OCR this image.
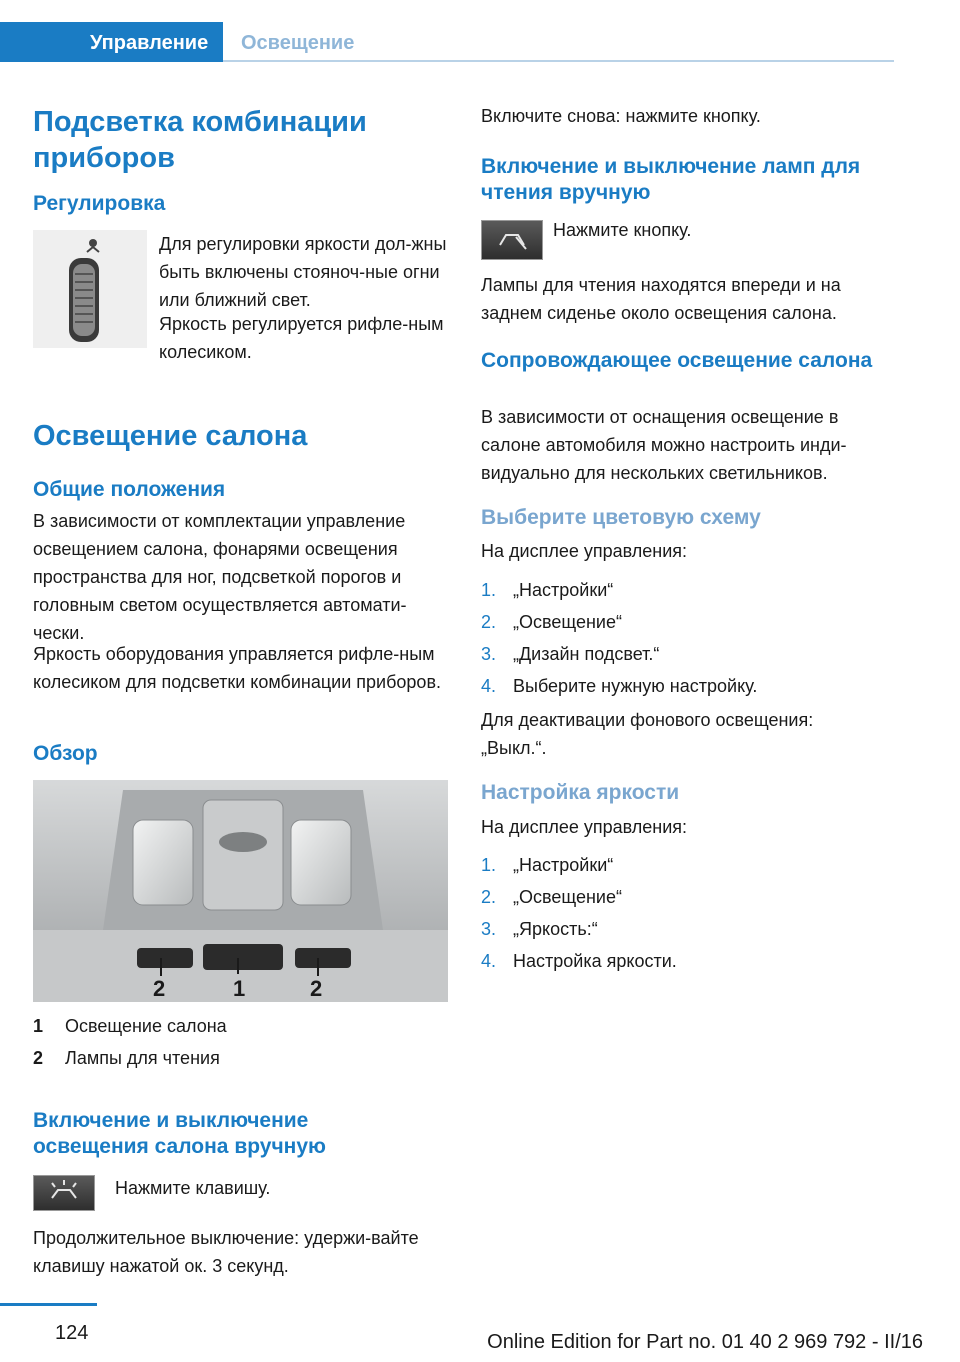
Управление	Освещение
Подсветка комбинации приборов
Регулировка

Для регулировки яркости дол-жны быть включены стояноч-ные огни или ближний свет.

Яркость регулируется рифле-ным колесиком.

Освещение салона
Общие положения

В зависимости от комплектации управление освещением салона, фонарями освещения пространства для ног, подсветкой порогов и головным светом осуществляется автомати-чески.

Яркость оборудования управляется рифле-ным колесиком для подсветки комбинации приборов.

Обзор
2	1	2
1 Освещение салона
2 Лампы для чтения
Включение и выключение освещения салона вручную

Нажмите клавишу.

Продолжительное выключение: удержи-вайте клавишу нажатой ок. 3 секунд.

Включите снова: нажмите кнопку.

Включение и выключение ламп для чтения вручную

Нажмите кнопку.

Лампы для чтения находятся впереди и на заднем сиденье около освещения салона.

Сопровождающее освещение салона

В зависимости от оснащения освещение в салоне автомобиля можно настроить инди-видуально для нескольких светильников.

Выберите цветовую схему

На дисплее управления:

1. „Настройки“
2. „Освещение“
3. „Дизайн подсвет.“
4. Выберите нужную настройку.

Для деактивации фонового освещения: „Выкл.“.

Настройка яркости

На дисплее управления:

1. „Настройки“
2. „Освещение“
3. „Яркость:“
4. Настройка яркости.
124	Online Edition for Part no. 01 40 2 969 792 - II/16
